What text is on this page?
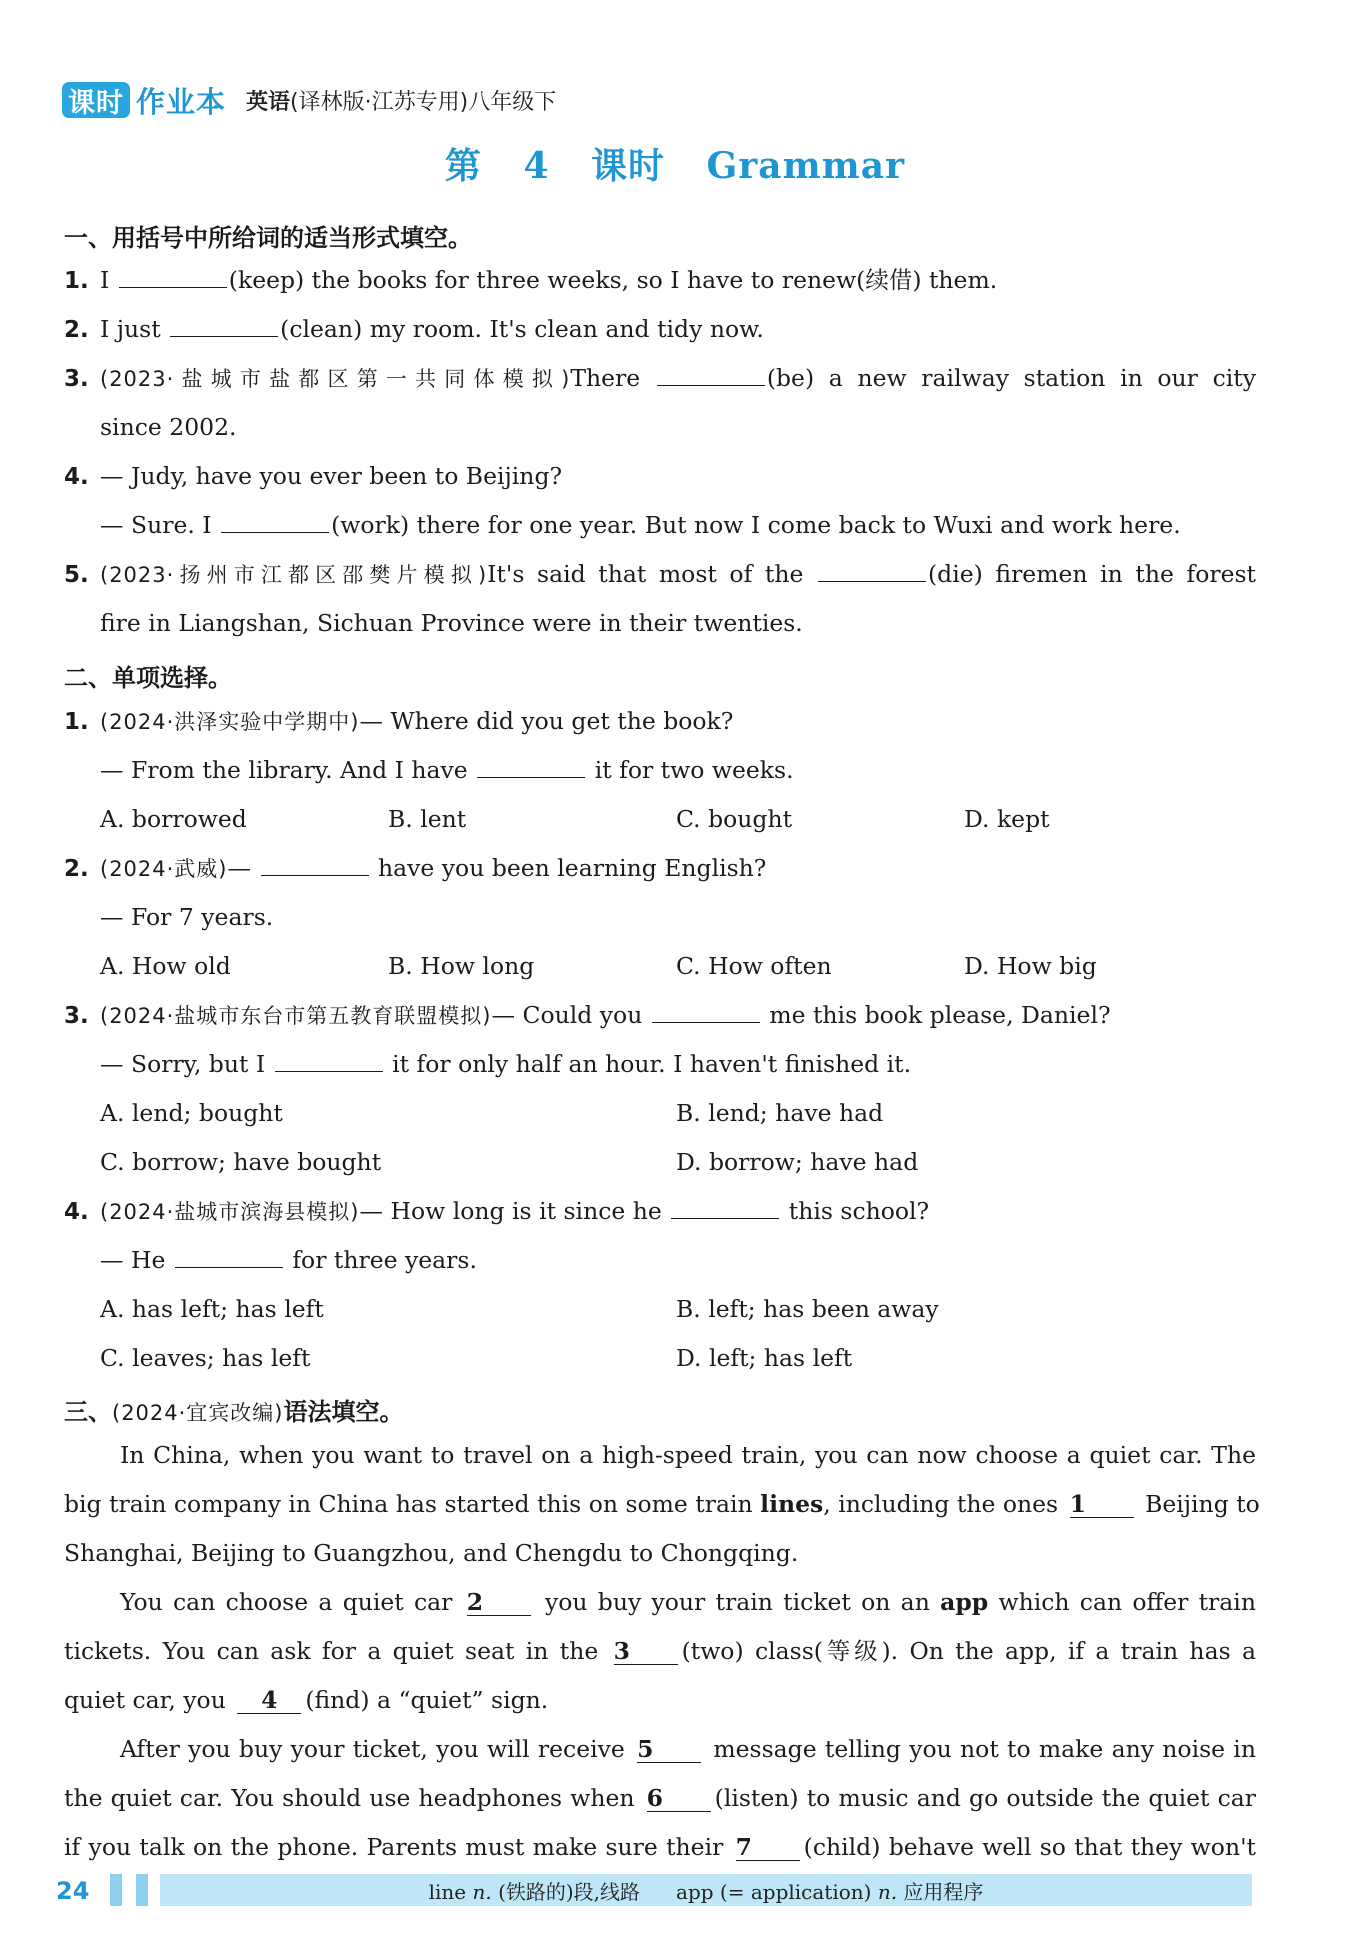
课时 作业本 英语(译林版·江苏专用)八年级下
第 4 课时 Grammar
一、用括号中所给词的适当形式填空。
1. I	(keep) the books for three weeks, so I have to renew(续借) them.
2. I just	(clean) my room. It's clean and tidy now.
3. (2023·盐城市盐都区第一共同体模拟)There	(be) a new railway station in our city
since 2002.
4. — Judy, have you ever been to Beijing?
— Sure. I	(work) there for one year. But now I come back to Wuxi and work here.
5. (2023·扬州市江都区邵樊片模拟)It's said that most of the	(die) firemen in the forest
fire in Liangshan, Sichuan Province were in their twenties.
二、单项选择。
1. (2024·洪泽实验中学期中)— Where did you get the book?
— From the library. And I have	it for two weeks.
A. borrowed	B. lent	C. bought	D. kept
2. (2024·武威)—	have you been learning English?
— For 7 years.
A. How old	B. How long	C. How often	D. How big
3. (2024·盐城市东台市第五教育联盟模拟)— Could you	me this book please, Daniel?
— Sorry, but I	it for only half an hour. I haven't finished it.
A. lend; bought	B. lend; have had
C. borrow; have bought	D. borrow; have had
4. (2024·盐城市滨海县模拟)— How long is it since he	this school?
— He	for three years.
A. has left; has left	B. left; has been away
C. leaves; has left	D. left; has left
三、(2024·宜宾改编)语法填空。
In China, when you want to travel on a high-speed train, you can now choose a quiet car. The
big train company in China has started this on some train lines, including the ones 1	Beijing to
Shanghai, Beijing to Guangzhou, and Chengdu to Chongqing.
You can choose a quiet car 2	you buy your train ticket on an app which can offer train
tickets. You can ask for a quiet seat in the 3 (two) class(等级). On the app, if a train has a
quiet car, you 4 (find) a “quiet” sign.
After you buy your ticket, you will receive 5	message telling you not to make any noise in
the quiet car. You should use headphones when 6 (listen) to music and go outside the quiet car
if you talk on the phone. Parents must make sure their 7 (child) behave well so that they won't
24	line n. (铁路的)段,线路 app (= application) n. 应用程序
